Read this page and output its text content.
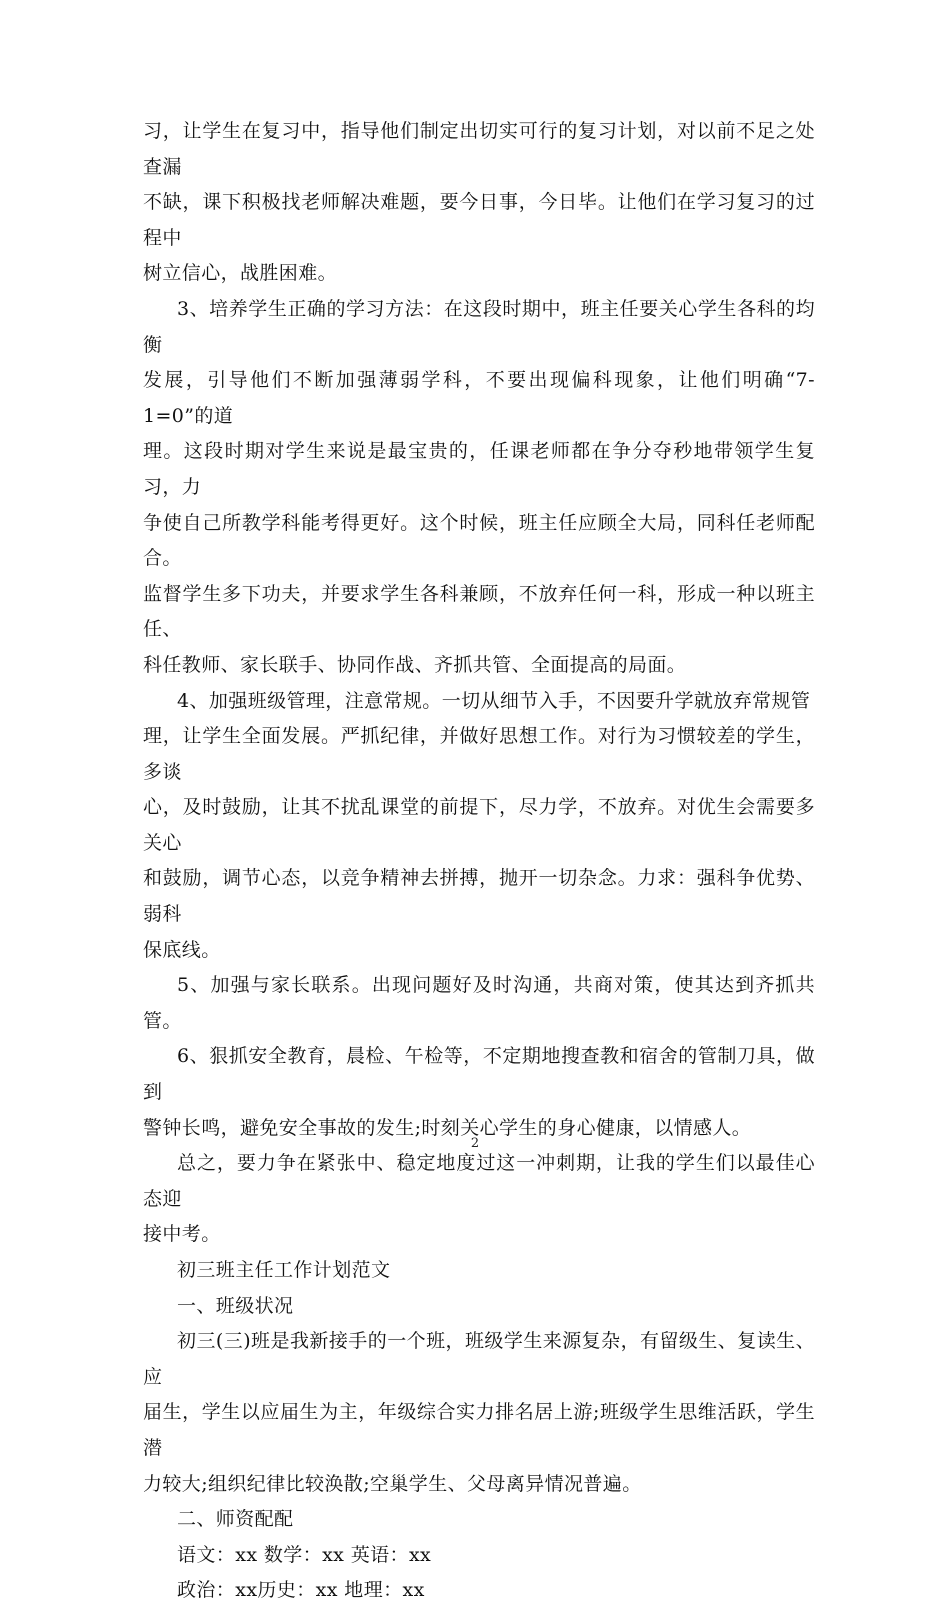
习，让学生在复习中，指导他们制定出切实可行的复习计划，对以前不足之处查漏
不缺，课下积极找老师解决难题，要今日事，今日毕。让他们在学习复习的过程中
树立信心，战胜困难。

3、培养学生正确的学习方法：在这段时期中，班主任要关心学生各科的均衡
发展，引导他们不断加强薄弱学科，不要出现偏科现象，让他们明确“7-1=0”的道
理。这段时期对学生来说是最宝贵的，任课老师都在争分夺秒地带领学生复习，力
争使自己所教学科能考得更好。这个时候，班主任应顾全大局，同科任老师配合。
监督学生多下功夫，并要求学生各科兼顾，不放弃任何一科，形成一种以班主任、
科任教师、家长联手、协同作战、齐抓共管、全面提高的局面。

4、加强班级管理，注意常规。一切从细节入手，不因要升学就放弃常规管
理，让学生全面发展。严抓纪律，并做好思想工作。对行为习惯较差的学生，多谈
心，及时鼓励，让其不扰乱课堂的前提下，尽力学，不放弃。对优生会需要多关心
和鼓励，调节心态，以竞争精神去拼搏，抛开一切杂念。力求：强科争优势、弱科
保底线。

5、加强与家长联系。出现问题好及时沟通，共商对策，使其达到齐抓共管。

6、狠抓安全教育，晨检、午检等，不定期地搜查教和宿舍的管制刀具，做到
警钟长鸣，避免安全事故的发生;时刻关心学生的身心健康，以情感人。

总之，要力争在紧张中、稳定地度过这一冲刺期，让我的学生们以最佳心态迎
接中考。

初三班主任工作计划范文

一、班级状况

初三(三)班是我新接手的一个班，班级学生来源复杂，有留级生、复读生、应
届生，学生以应届生为主，年级综合实力排名居上游;班级学生思维活跃，学生潜
力较大;组织纪律比较涣散;空巢学生、父母离异情况普遍。

二、师资配配

语文：xx 数学：xx 英语：xx

政治：xx历史：xx 地理：xx

2
